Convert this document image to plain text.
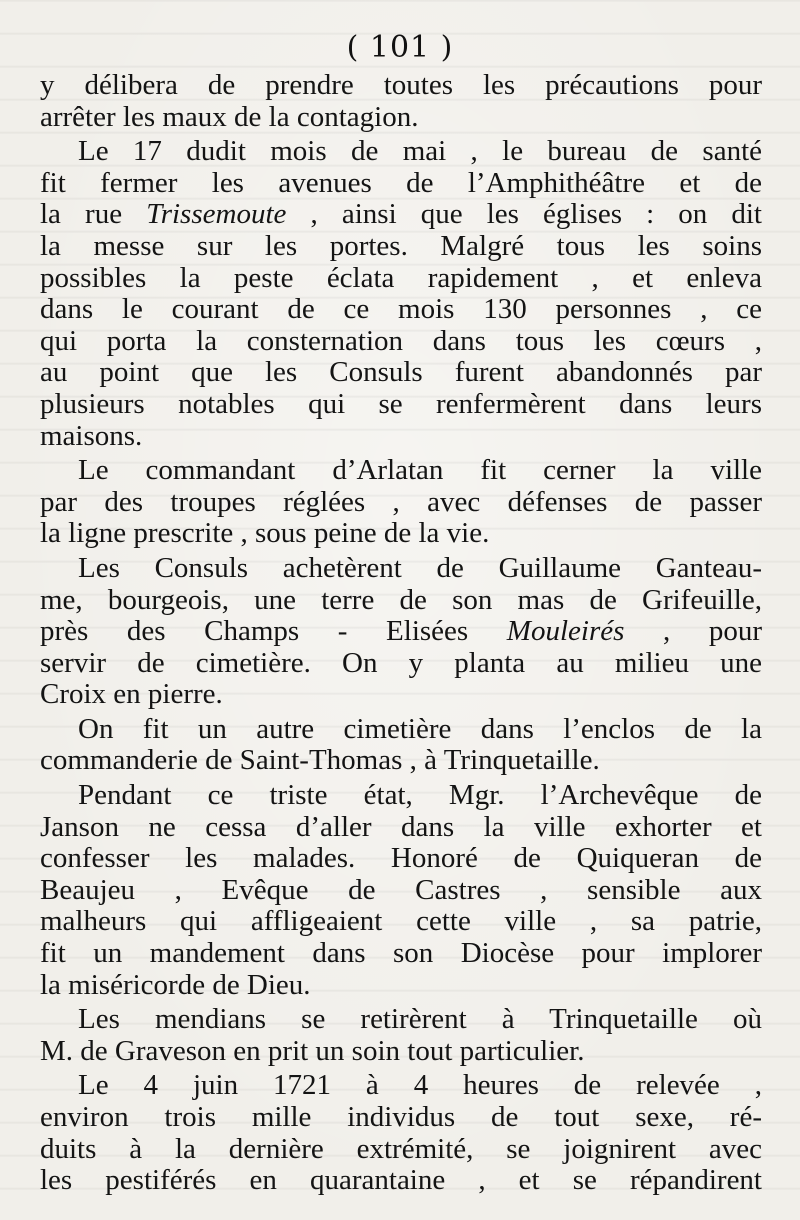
( 101 )

y délibera de prendre toutes les précautions pour
arrêter les maux de la contagion.

Le 17 dudit mois de mai , le bureau de santé
fit fermer les avenues de l’Amphithéâtre et de
la rue Trissemoute , ainsi que les églises : on dit
la messe sur les portes. Malgré tous les soins
possibles la peste éclata rapidement , et enleva
dans le courant de ce mois 130 personnes , ce
qui porta la consternation dans tous les cœurs ,
au point que les Consuls furent abandonnés par
plusieurs notables qui se renfermèrent dans leurs
maisons.

Le commandant d’Arlatan fit cerner la ville
par des troupes réglées , avec défenses de passer
la ligne prescrite , sous peine de la vie.

Les Consuls achetèrent de Guillaume Ganteau-
me, bourgeois, une terre de son mas de Grifeuille,
près des Champs - Elisées Mouleirés , pour
servir de cimetière. On y planta au milieu une
Croix en pierre.

On fit un autre cimetière dans l’enclos de la
commanderie de Saint-Thomas , à Trinquetaille.

Pendant ce triste état, Mgr. l’Archevêque de
Janson ne cessa d’aller dans la ville exhorter et
confesser les malades. Honoré de Quiqueran de
Beaujeu , Evêque de Castres , sensible aux
malheurs qui affligeaient cette ville , sa patrie,
fit un mandement dans son Diocèse pour implorer
la miséricorde de Dieu.

Les mendians se retirèrent à Trinquetaille où
M. de Graveson en prit un soin tout particulier.

Le 4 juin 1721 à 4 heures de relevée ,
environ trois mille individus de tout sexe, ré-
duits à la dernière extrémité, se joignirent avec
les pestiférés en quarantaine , et se répandirent
